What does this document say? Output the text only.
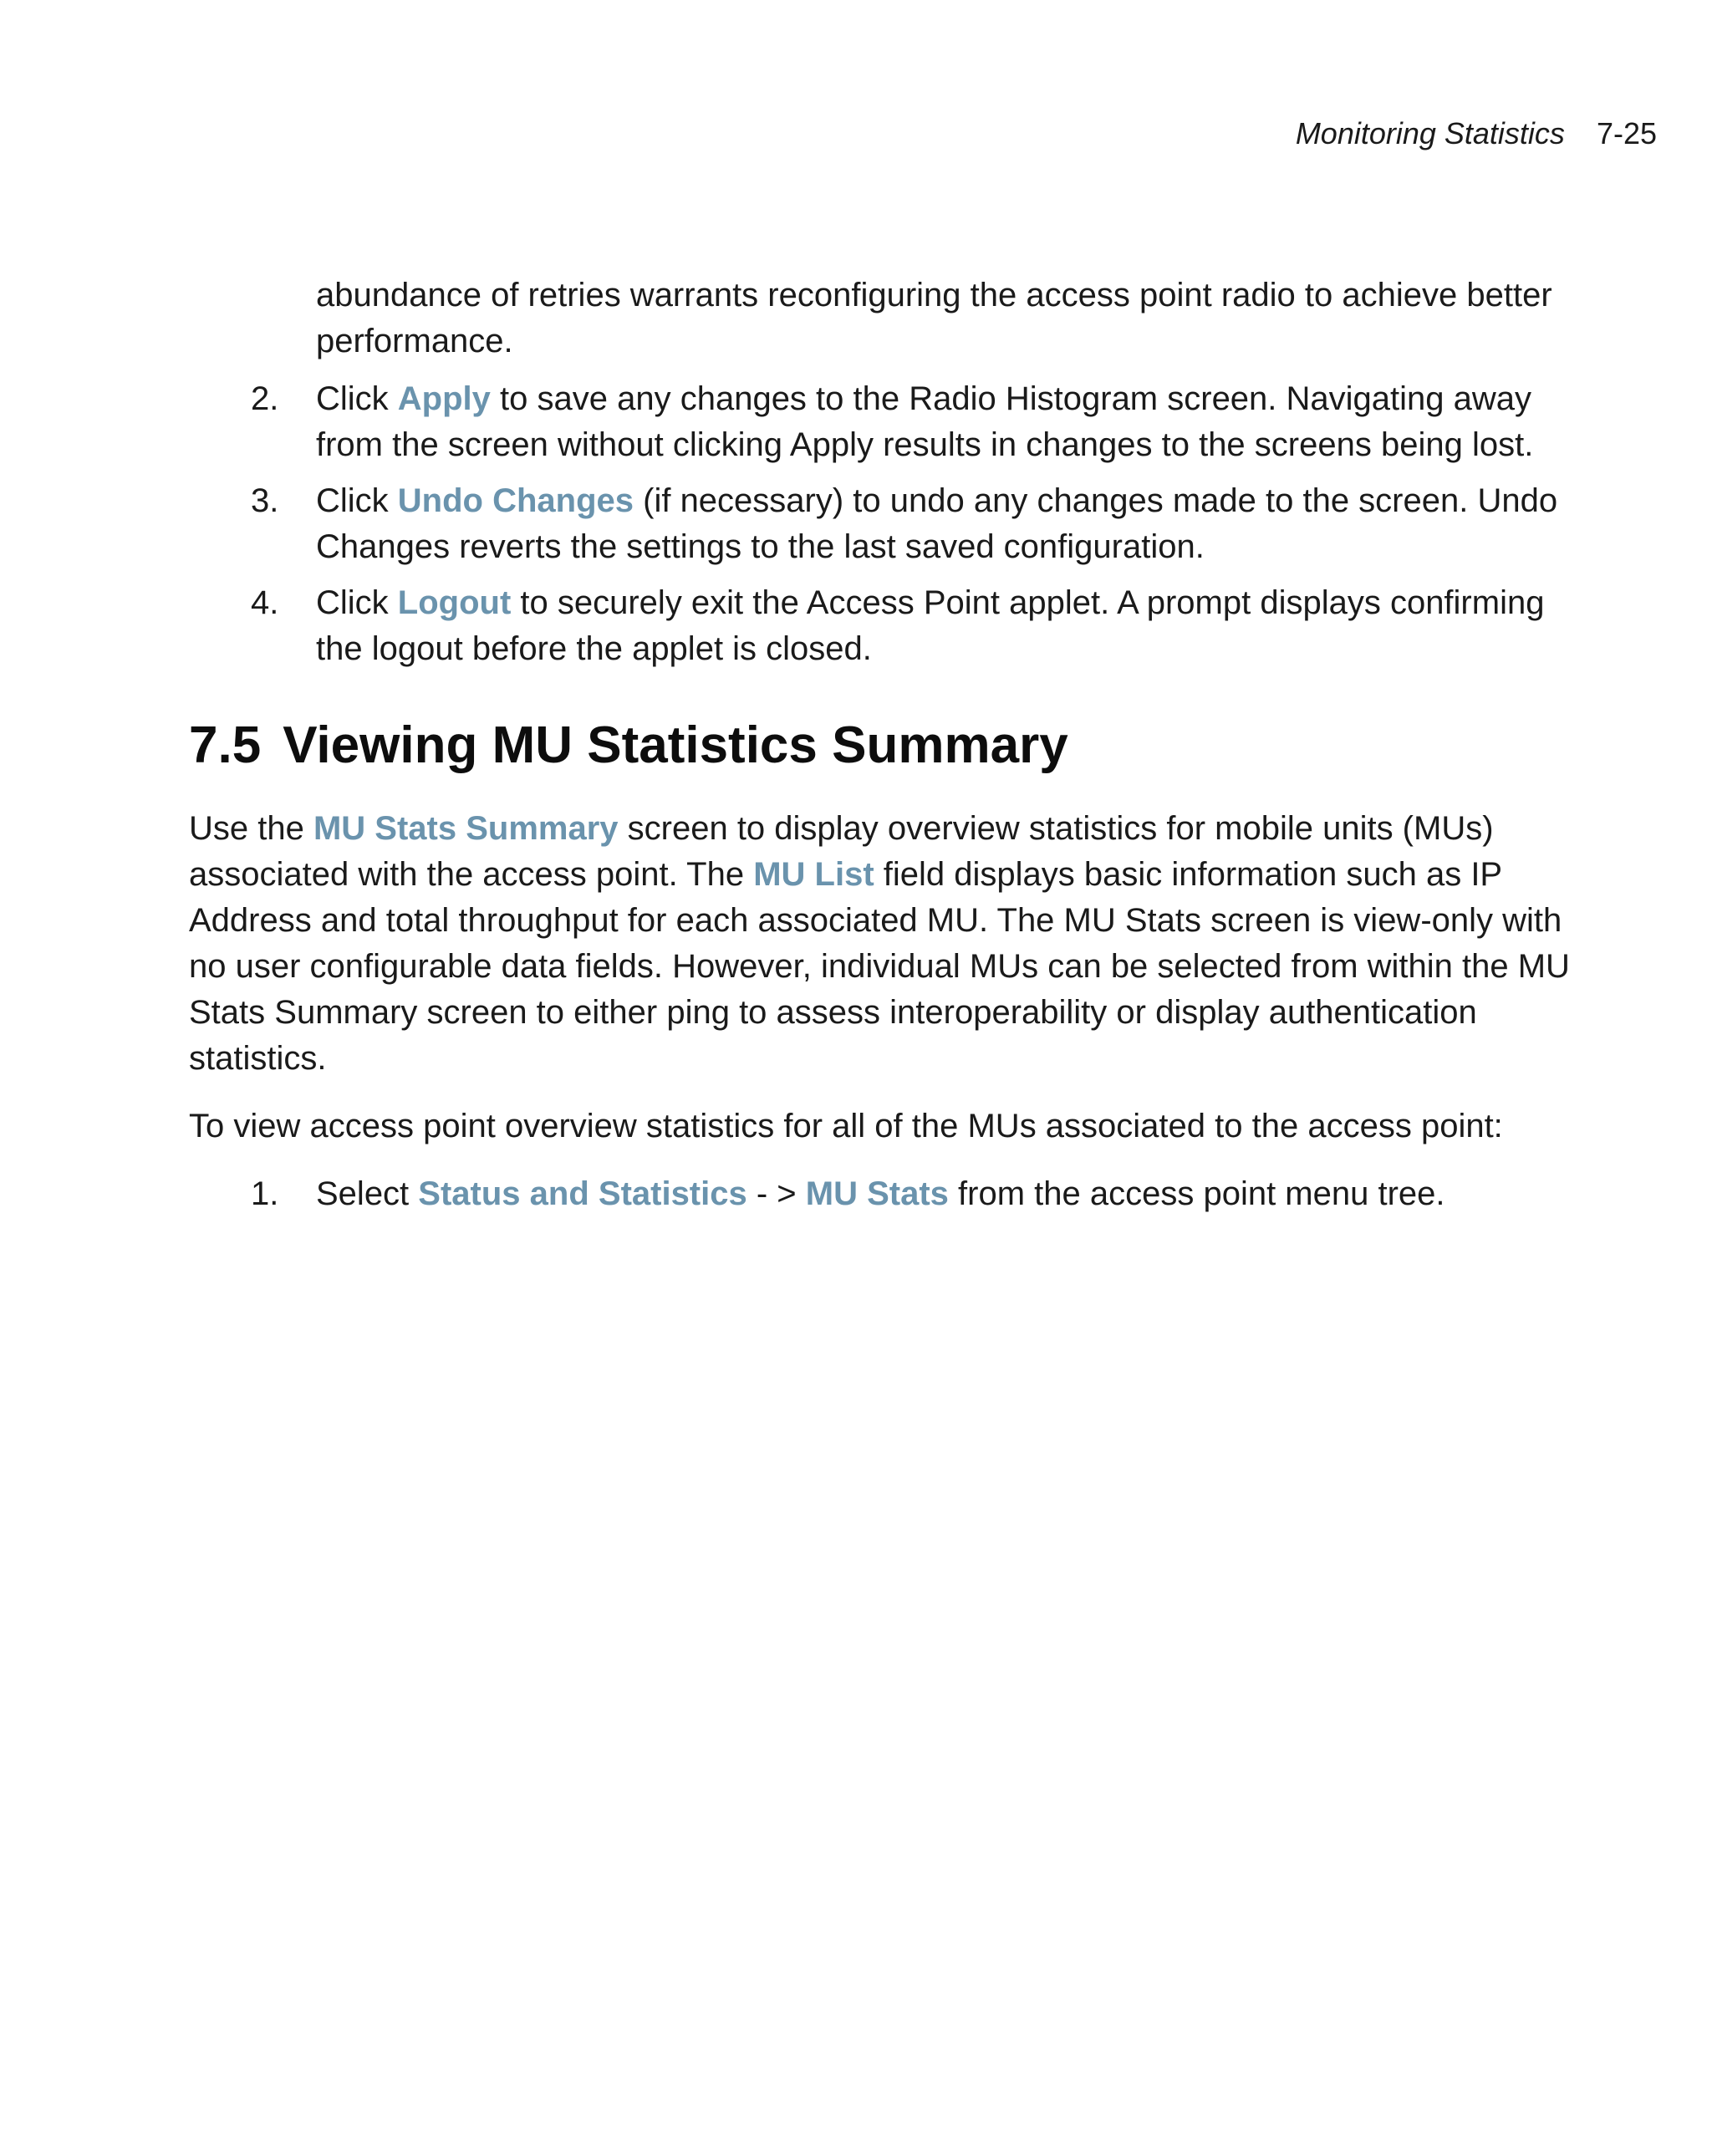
Monitoring Statistics 7-25

abundance of retries warrants reconfiguring the access point radio to achieve better performance.

2. Click Apply to save any changes to the Radio Histogram screen. Navigating away from the screen without clicking Apply results in changes to the screens being lost.
3. Click Undo Changes (if necessary) to undo any changes made to the screen. Undo Changes reverts the settings to the last saved configuration.
4. Click Logout to securely exit the Access Point applet. A prompt displays confirming the logout before the applet is closed.
7.5 Viewing MU Statistics Summary

Use the MU Stats Summary screen to display overview statistics for mobile units (MUs) associated with the access point. The MU List field displays basic information such as IP Address and total throughput for each associated MU. The MU Stats screen is view-only with no user configurable data fields. However, individual MUs can be selected from within the MU Stats Summary screen to either ping to assess interoperability or display authentication statistics.

To view access point overview statistics for all of the MUs associated to the access point:

1. Select Status and Statistics - > MU Stats from the access point menu tree.
